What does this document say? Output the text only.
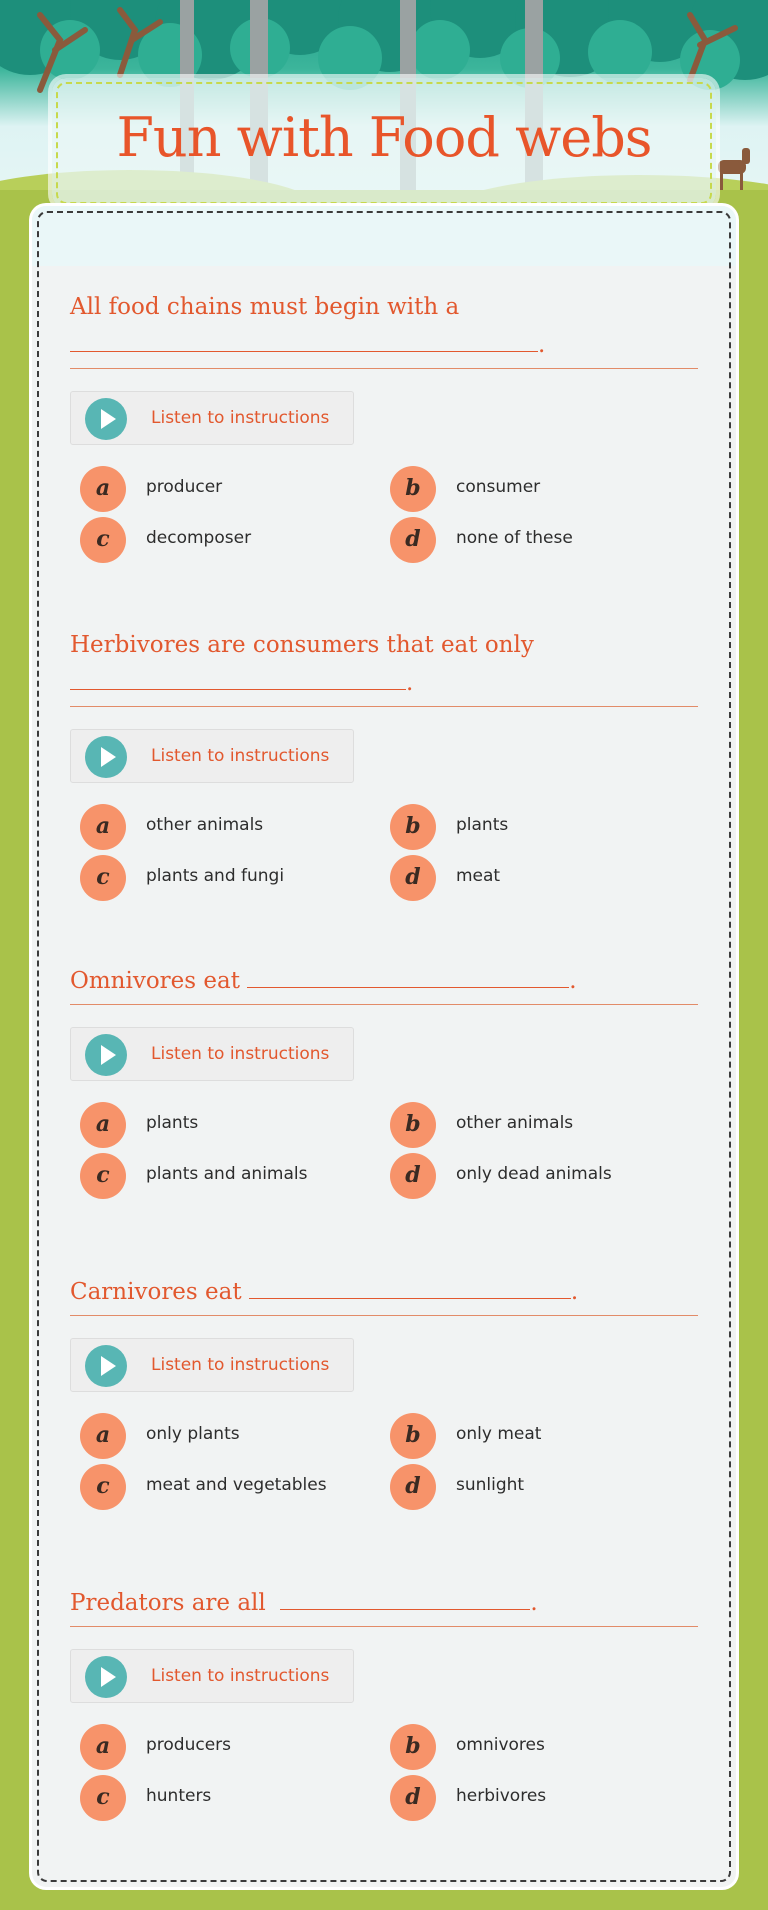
Fun with Food webs
All food chains must begin with a
.
Listen to instructions
a	producer	b	consumer
c	decomposer	d	none of these
Herbivores are consumers that eat only
.
Listen to instructions
a	other animals	b	plants
c	plants and fungi	d	meat
Omnivores eat	.
Listen to instructions
a	plants	b	other animals
c	plants and animals	d	only dead animals
Carnivores eat	.
Listen to instructions
a	only plants	b	only meat
c	meat and vegetables	d	sunlight
Predators are all	.
Listen to instructions
a	producers	b	omnivores
c	hunters	d	herbivores
